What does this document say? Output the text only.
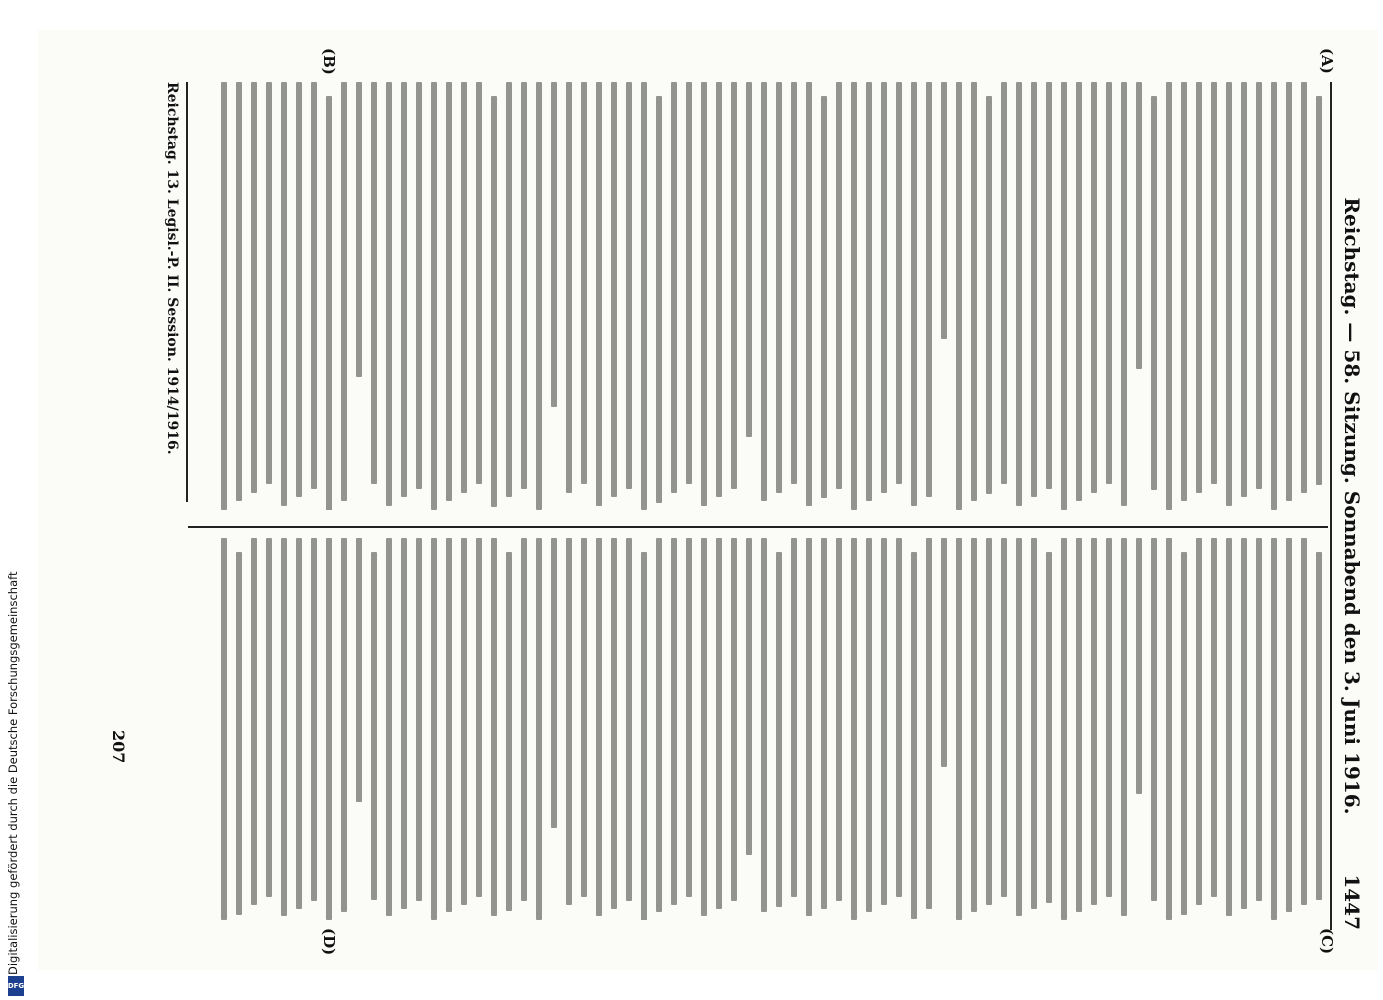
Digitalisierung gefördert durch die Deutsche Forschungsgemeinschaft
DFG
Reichstag. — 58. Sitzung. Sonnabend den 3. Juni 1916.
1447
(A)
(B)
(C)
(D)
Reichstag. 13. Legisl.-P. II. Session. 1914/1916.
207
